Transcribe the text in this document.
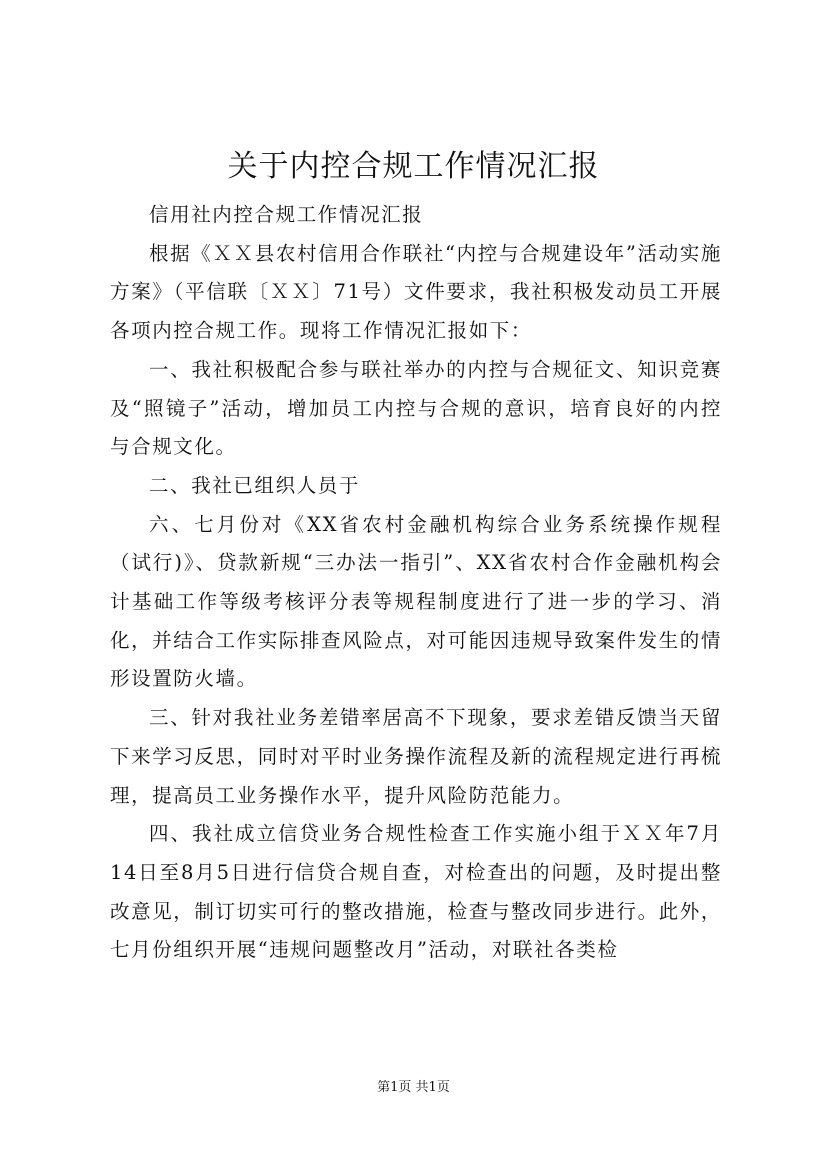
关于内控合规工作情况汇报

信用社内控合规工作情况汇报

根据《ＸＸ县农村信用合作联社“内控与合规建设年”活动实施方案》（平信联〔ＸＸ〕71号）文件要求，我社积极发动员工开展各项内控合规工作。现将工作情况汇报如下：

一、我社积极配合参与联社举办的内控与合规征文、知识竞赛及“照镜子”活动，增加员工内控与合规的意识，培育良好的内控与合规文化。

二、我社已组织人员于

六、七月份对《XX省农村金融机构综合业务系统操作规程（试行)》、贷款新规“三办法一指引”、XX省农村合作金融机构会计基础工作等级考核评分表等规程制度进行了进一步的学习、消化，并结合工作实际排查风险点，对可能因违规导致案件发生的情形设置防火墙。

三、针对我社业务差错率居高不下现象，要求差错反馈当天留下来学习反思，同时对平时业务操作流程及新的流程规定进行再梳理，提高员工业务操作水平，提升风险防范能力。

四、我社成立信贷业务合规性检查工作实施小组于ＸＸ年7月14日至8月5日进行信贷合规自查，对检查出的问题，及时提出整改意见，制订切实可行的整改措施，检查与整改同步进行。此外，七月份组织开展“违规问题整改月”活动，对联社各类检

第1页 共1页
